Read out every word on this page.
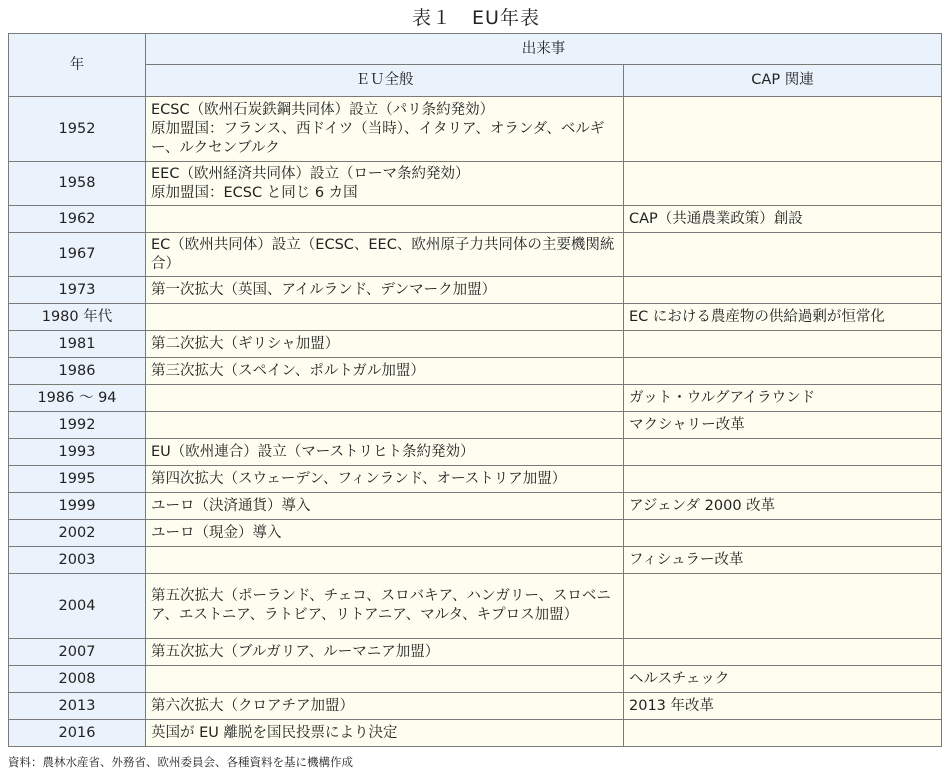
表１　EU年表
年	出来事	
	ＥＵ全般	CAP 関連
1952	ECSC（欧州石炭鉄鋼共同体）設立（パリ条約発効）
原加盟国：フランス、西ドイツ（当時）、イタリア、オランダ、ベルギー、ルクセンブルク	
1958	EEC（欧州経済共同体）設立（ローマ条約発効）
原加盟国：ECSC と同じ 6 カ国	
1962		CAP（共通農業政策）創設
1967	EC（欧州共同体）設立（ECSC、EEC、欧州原子力共同体の主要機関統合）	
1973	第一次拡大（英国、アイルランド、デンマーク加盟）	
1980 年代		EC における農産物の供給過剰が恒常化
1981	第二次拡大（ギリシャ加盟）	
1986	第三次拡大（スペイン、ポルトガル加盟）	
1986 ～ 94		ガット・ウルグアイラウンド
1992		マクシャリー改革
1993	EU（欧州連合）設立（マーストリヒト条約発効）	
1995	第四次拡大（スウェーデン、フィンランド、オーストリア加盟）	
1999	ユーロ（決済通貨）導入	アジェンダ 2000 改革
2002	ユーロ（現金）導入	
2003		フィシュラー改革
2004	第五次拡大（ポーランド、チェコ、スロバキア、ハンガリー、スロベニア、エストニア、ラトビア、リトアニア、マルタ、キプロス加盟）	
2007	第五次拡大（ブルガリア、ルーマニア加盟）	
2008		ヘルスチェック
2013	第六次拡大（クロアチア加盟）	2013 年改革
2016	英国が EU 離脱を国民投票により決定	
資料：農林水産省、外務省、欧州委員会、各種資料を基に機構作成
